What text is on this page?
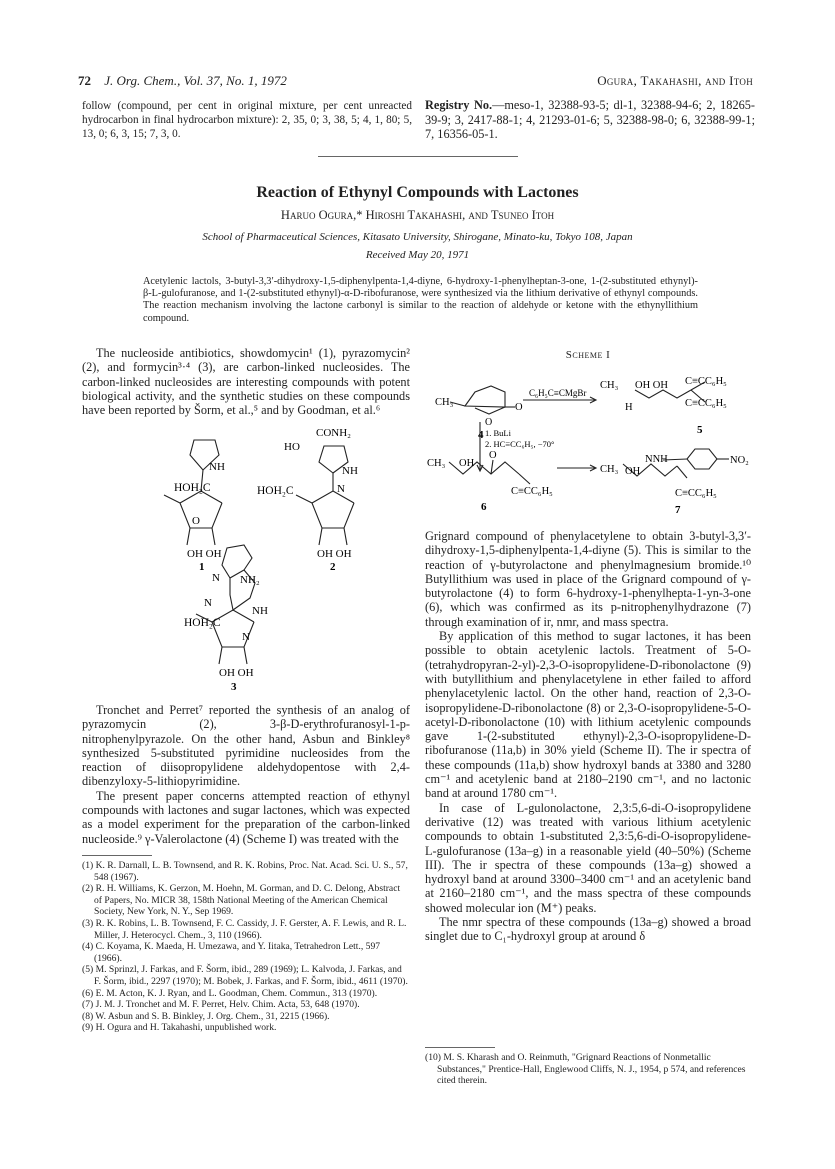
72 J. Org. Chem., Vol. 37, No. 1, 1972	Ogura, Takahashi, and Itoh
follow (compound, per cent in original mixture, per cent unreacted hydrocarbon in final hydrocarbon mixture): 2, 35, 0; 3, 38, 5; 4, 1, 80; 5, 13, 0; 6, 3, 15; 7, 3, 0.
Registry No.—meso-1, 32388-93-5; dl-1, 32388-94-6; 2, 18265-39-9; 3, 2417-88-1; 4, 21293-01-6; 5, 32388-98-0; 6, 32388-99-1; 7, 16356-05-1.
Reaction of Ethynyl Compounds with Lactones
Haruo Ogura,* Hiroshi Takahashi, and Tsuneo Itoh
School of Pharmaceutical Sciences, Kitasato University, Shirogane, Minato-ku, Tokyo 108, Japan
Received May 20, 1971
Acetylenic lactols, 3-butyl-3,3′-dihydroxy-1,5-diphenylpenta-1,4-diyne, 6-hydroxy-1-phenylheptan-3-one, 1-(2-substituted ethynyl)-β-L-gulofuranose, and 1-(2-substituted ethynyl)-α-D-ribofuranose, were synthesized via the lithium derivative of ethynyl compounds. The reaction mechanism involving the lactone carbonyl is similar to the reaction of aldehyde or ketone with the ethynyllithium compound.

The nucleoside antibiotics, showdomycin¹ (1), pyrazomycin² (2), and formycin³·⁴ (3), are carbon-linked nucleosides. The carbon-linked nucleosides are interesting compounds with potent biological activity, and the synthetic studies on these compounds have been reported by Šorm, et al.,⁵ and by Goodman, et al.⁶

HOH₂C
O
OH OH
NH
1
CONH₂
HO
NH
N
HOH₂C
OH OH
2
NH₂
N
N
NH
N
HOH₂C
OH OH
3

Tronchet and Perret⁷ reported the synthesis of an analog of pyrazomycin (2), 3-β-D-erythrofuranosyl-1-p-nitrophenylpyrazole. On the other hand, Asbun and Binkley⁸ synthesized 5-substituted pyrimidine nucleosides from the reaction of diisopropylidene aldehydopentose with 2,4-dibenzyloxy-5-lithiopyrimidine.

The present paper concerns attempted reaction of ethynyl compounds with lactones and sugar lactones, which was expected as a model experiment for the preparation of the carbon-linked nucleoside.⁹ γ-Valerolactone (4) (Scheme I) was treated with the

(1) K. R. Darnall, L. B. Townsend, and R. K. Robins, Proc. Nat. Acad. Sci. U. S., 57, 548 (1967).
(2) R. H. Williams, K. Gerzon, M. Hoehn, M. Gorman, and D. C. Delong, Abstract of Papers, No. MICR 38, 158th National Meeting of the American Chemical Society, New York, N. Y., Sep 1969.
(3) R. K. Robins, L. B. Townsend, F. C. Cassidy, J. F. Gerster, A. F. Lewis, and R. L. Miller, J. Heterocycl. Chem., 3, 110 (1966).
(4) C. Koyama, K. Maeda, H. Umezawa, and Y. Iitaka, Tetrahedron Lett., 597 (1966).
(5) M. Sprinzl, J. Farkas, and F. Šorm, ibid., 289 (1969); L. Kalvoda, J. Farkas, and F. Šorm, ibid., 2297 (1970); M. Bobek, J. Farkas, and F. Šorm, ibid., 4611 (1970).
(6) E. M. Acton, K. J. Ryan, and L. Goodman, Chem. Commun., 313 (1970).
(7) J. M. J. Tronchet and M. F. Perret, Helv. Chim. Acta, 53, 648 (1970).
(8) W. Asbun and S. B. Binkley, J. Org. Chem., 31, 2215 (1966).
(9) H. Ogura and H. Takahashi, unpublished work.
Scheme I
CH₃
O
O
4
C₆H₅C≡CMgBr
CH₃ OH OH C≡CC₆H₅
H	C≡CC₆H₅
5
1. BuLi
2. HC≡CC₆H₅, −70°
CH₃ OH
O
C≡CC₆H₅
6
CH₃ OH
NNH	NO₂
C≡CC₆H₅
7

Grignard compound of phenylacetylene to obtain 3-butyl-3,3′-dihydroxy-1,5-diphenylpenta-1,4-diyne (5). This is similar to the reaction of γ-butyrolactone and phenylmagnesium bromide.¹⁰ Butyllithium was used in place of the Grignard compound of γ-butyrolactone (4) to form 6-hydroxy-1-phenylhepta-1-yn-3-one (6), which was confirmed as its p-nitrophenylhydrazone (7) through examination of ir, nmr, and mass spectra.

By application of this method to sugar lactones, it has been possible to obtain acetylenic lactols. Treatment of 5-O-(tetrahydropyran-2-yl)-2,3-O-isopropylidene-D-ribonolactone (9) with butyllithium and phenylacetylene in ether failed to afford phenylacetylenic lactol. On the other hand, reaction of 2,3-O-isopropylidene-D-ribonolactone (8) or 2,3-O-isopropylidene-5-O-acetyl-D-ribonolactone (10) with lithium acetylenic compounds gave 1-(2-substituted ethynyl)-2,3-O-isopropylidene-D-ribofuranose (11a,b) in 30% yield (Scheme II). The ir spectra of these compounds (11a,b) show hydroxyl bands at 3380 and 3280 cm⁻¹ and acetylenic band at 2180–2190 cm⁻¹, and no lactonic band at around 1780 cm⁻¹.

In case of L-gulonolactone, 2,3:5,6-di-O-isopropylidene derivative (12) was treated with various lithium acetylenic compounds to obtain 1-substituted 2,3:5,6-di-O-isopropylidene-L-gulofuranose (13a–g) in a reasonable yield (40–50%) (Scheme III). The ir spectra of these compounds (13a–g) showed a hydroxyl band at around 3300–3400 cm⁻¹ and an acetylenic band at 2160–2180 cm⁻¹, and the mass spectra of these compounds showed molecular ion (M⁺) peaks.

The nmr spectra of these compounds (13a–g) showed a broad singlet due to C₁-hydroxyl group at around δ

(10) M. S. Kharash and O. Reinmuth, "Grignard Reactions of Nonmetallic Substances," Prentice-Hall, Englewood Cliffs, N. J., 1954, p 574, and references cited therein.
